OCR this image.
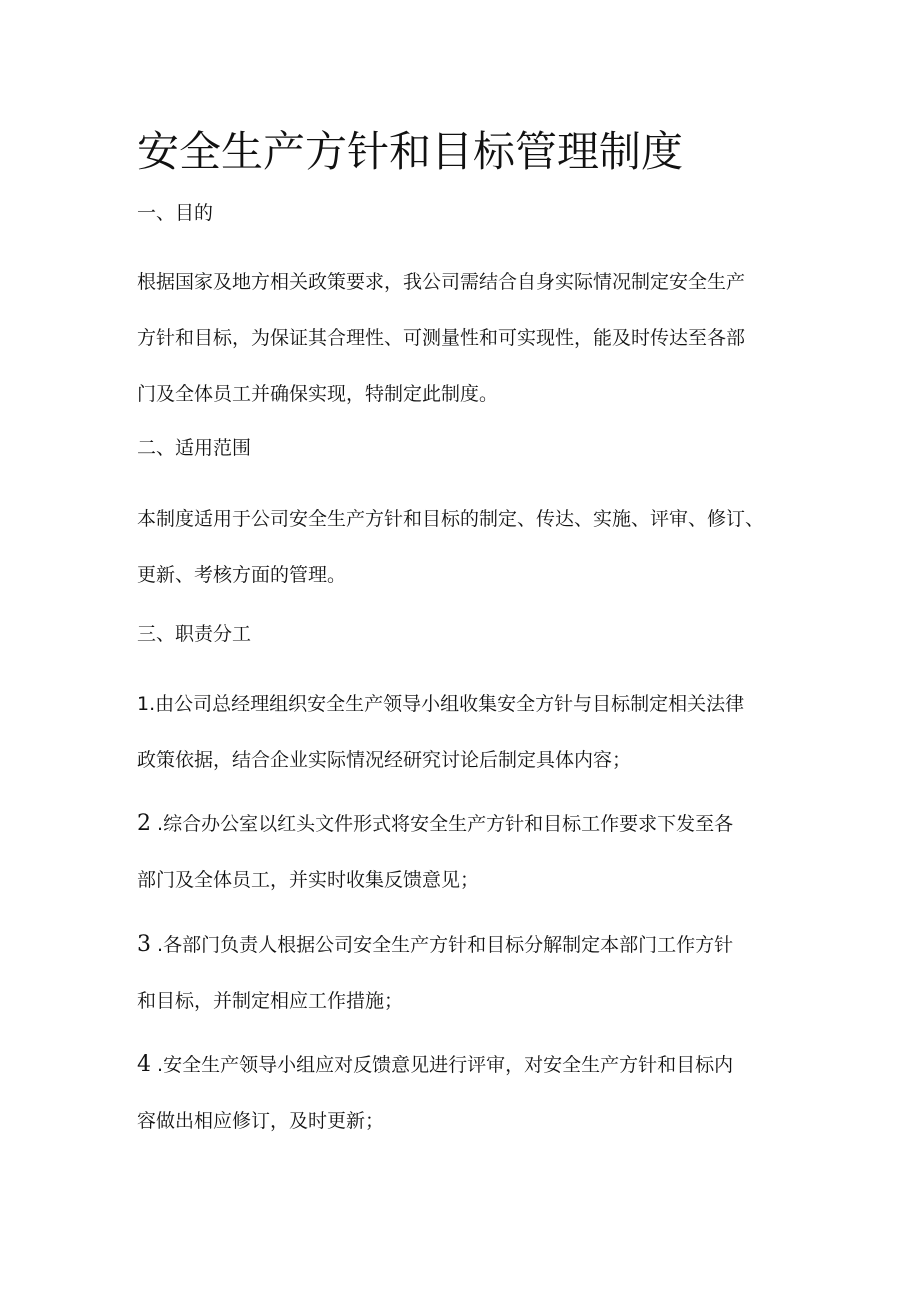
安全生产方针和目标管理制度
一、目的
根据国家及地方相关政策要求，我公司需结合自身实际情况制定安全生产
方针和目标，为保证其合理性、可测量性和可实现性，能及时传达至各部
门及全体员工并确保实现，特制定此制度。
二、适用范围
本制度适用于公司安全生产方针和目标的制定、传达、实施、评审、修订、
更新、考核方面的管理。
三、职责分工
1.由公司总经理组织安全生产领导小组收集安全方针与目标制定相关法律
政策依据，结合企业实际情况经研究讨论后制定具体内容；
2 .综合办公室以红头文件形式将安全生产方针和目标工作要求下发至各
部门及全体员工，并实时收集反馈意见；
3 .各部门负责人根据公司安全生产方针和目标分解制定本部门工作方针
和目标，并制定相应工作措施；
4 .安全生产领导小组应对反馈意见进行评审，对安全生产方针和目标内
容做出相应修订，及时更新；
